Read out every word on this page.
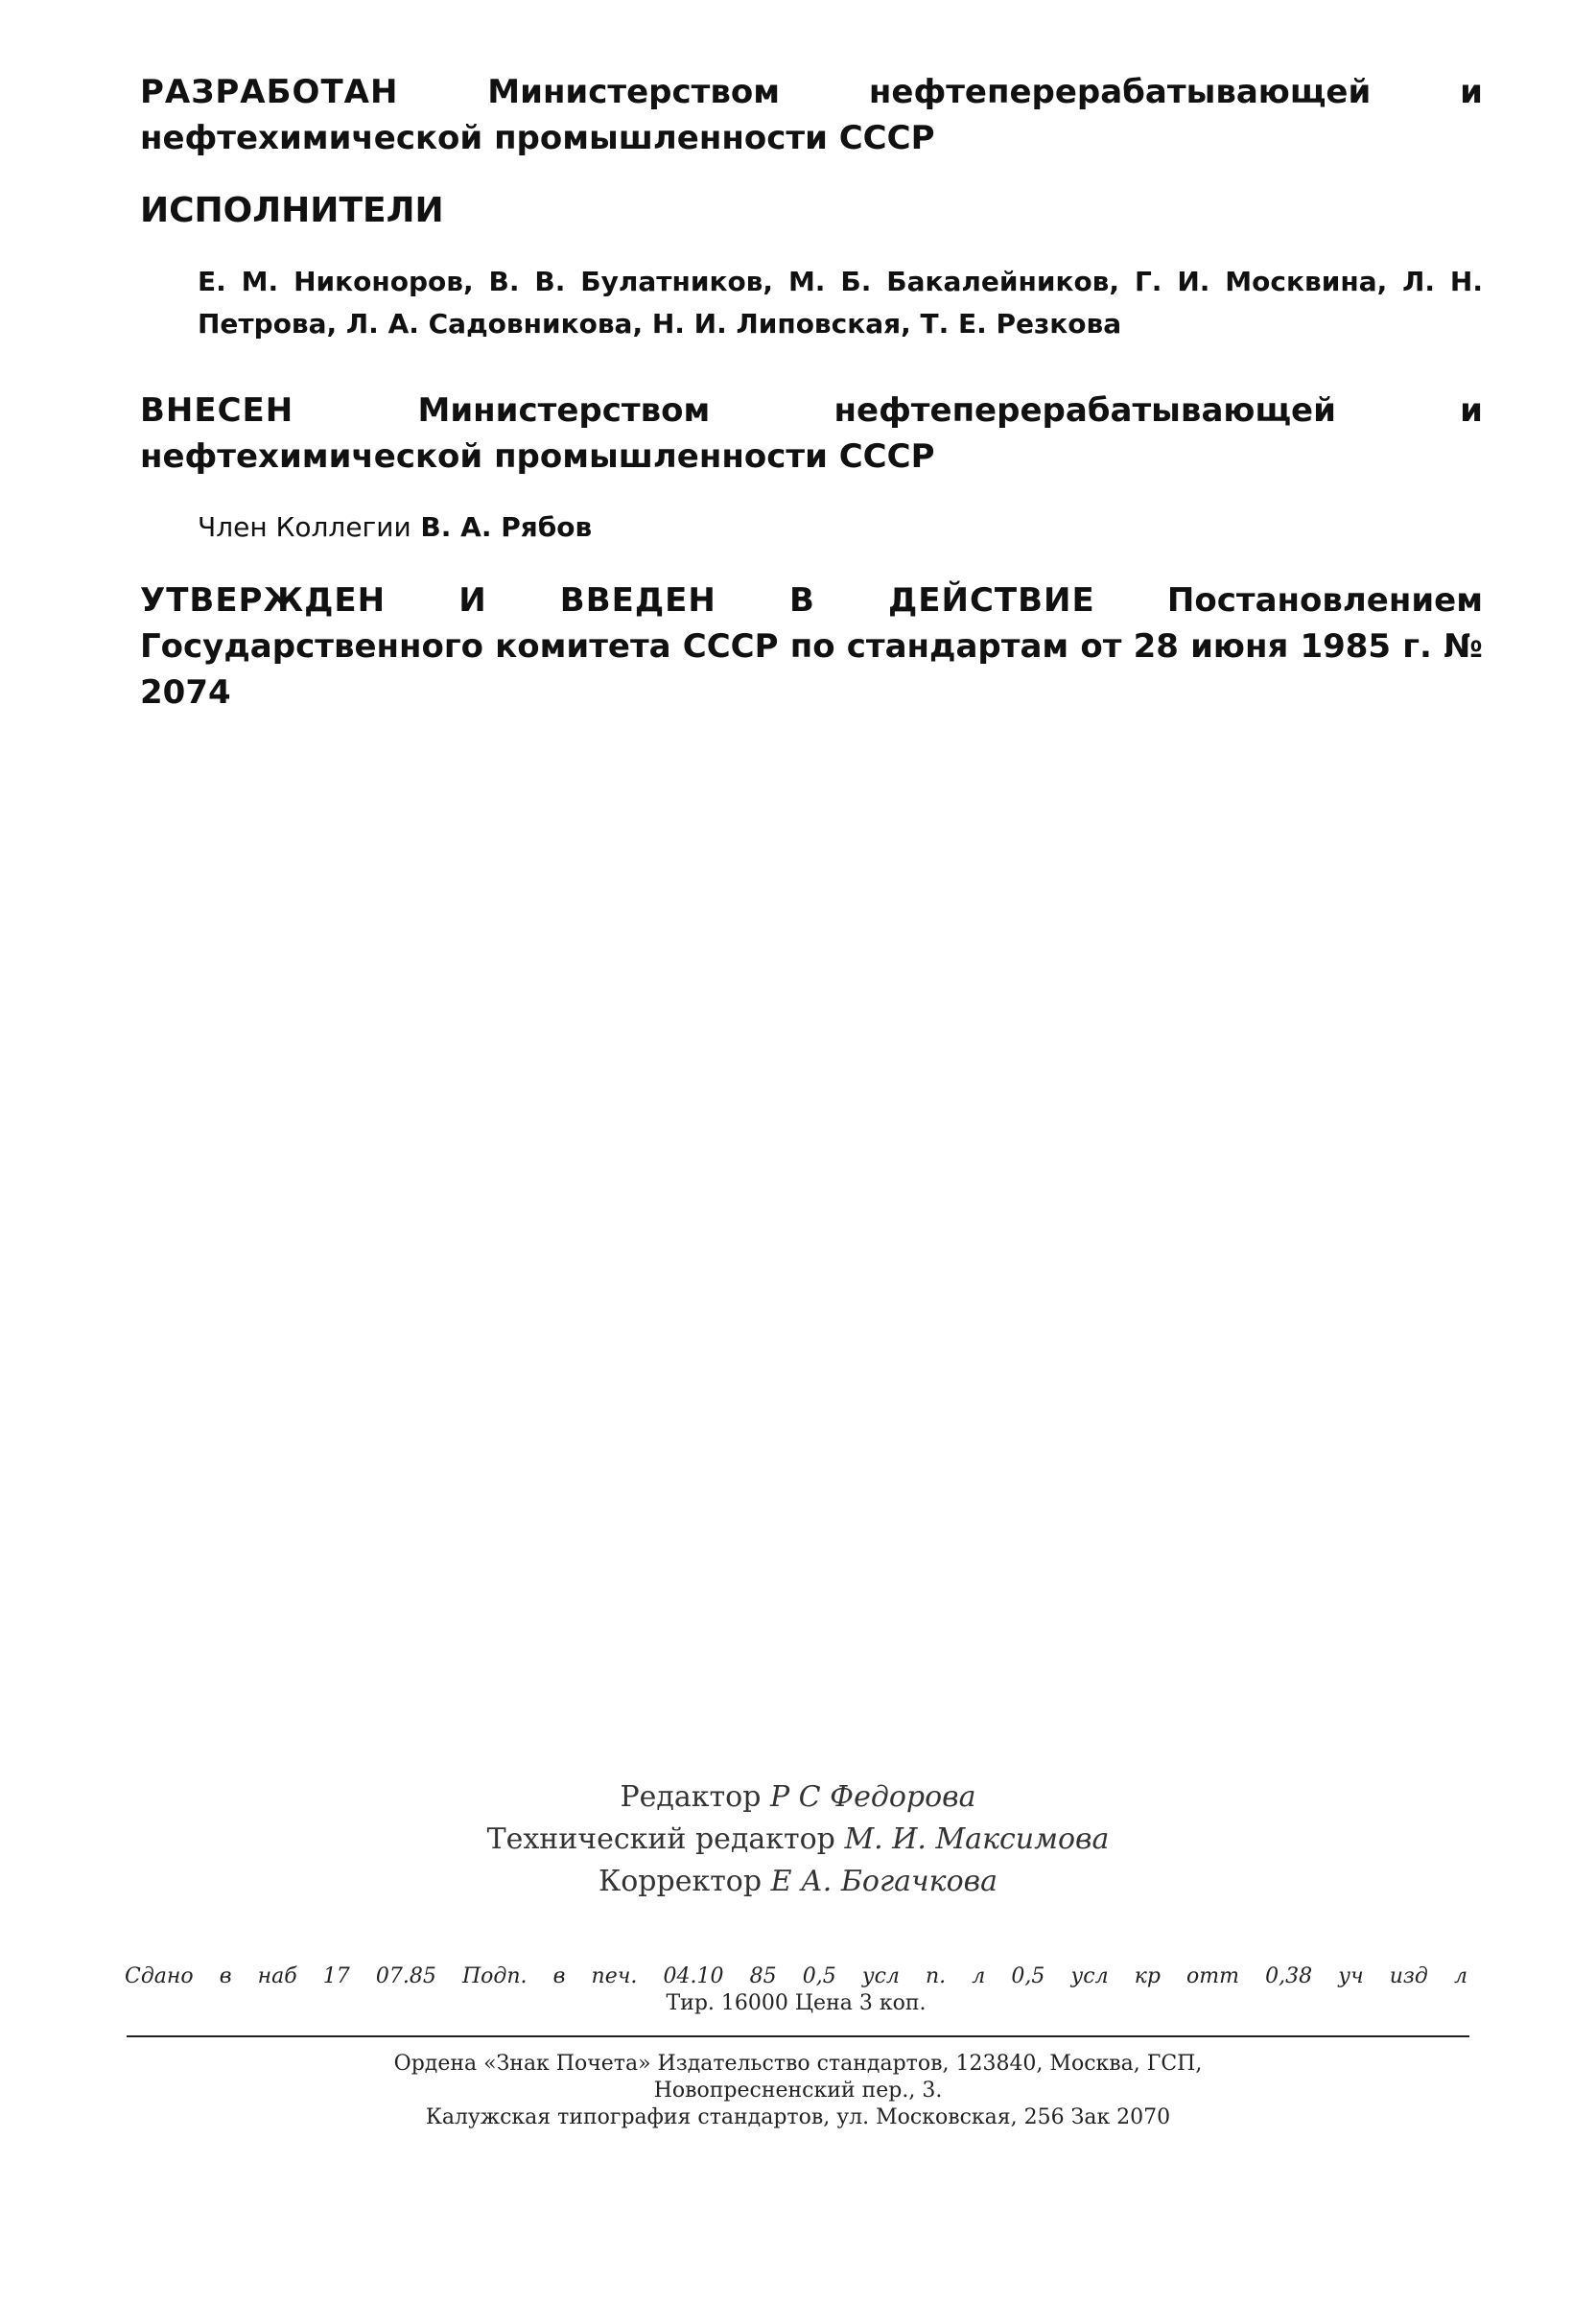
РАЗРАБОТАН	Министерством нефтеперерабатывающей и нефтехимической промышленности СССР

ИСПОЛНИТЕЛИ

Е. М. Никоноров, В. В. Булатников, М. Б. Бакалейников, Г. И. Москвина, Л. Н. Петрова, Л. А. Садовникова, Н. И. Липовская, Т. Е. Резкова

ВНЕСЕН	Министерством нефтеперерабатывающей и нефтехимической промышленности СССР

Член Коллегии В. А. Рябов

УТВЕРЖДЕН И ВВЕДЕН В ДЕЙСТВИЕ Постановлением Государственного комитета СССР по стандартам от 28 июня 1985 г. № 2074

Редактор Р С Федорова
Технический редактор М. И. Максимова
Корректор Е А. Богачкова
Сдано в наб 17 07.85 Подп. в печ. 04.10 85 0,5 усл п. л 0,5 усл кр отт 0,38 уч изд л
Тир. 16000 Цена 3 коп.
Ордена «Знак Почета» Издательство стандартов, 123840, Москва, ГСП,
Новопресненский пер., 3.
Калужская типография стандартов, ул. Московская, 256 Зак 2070
